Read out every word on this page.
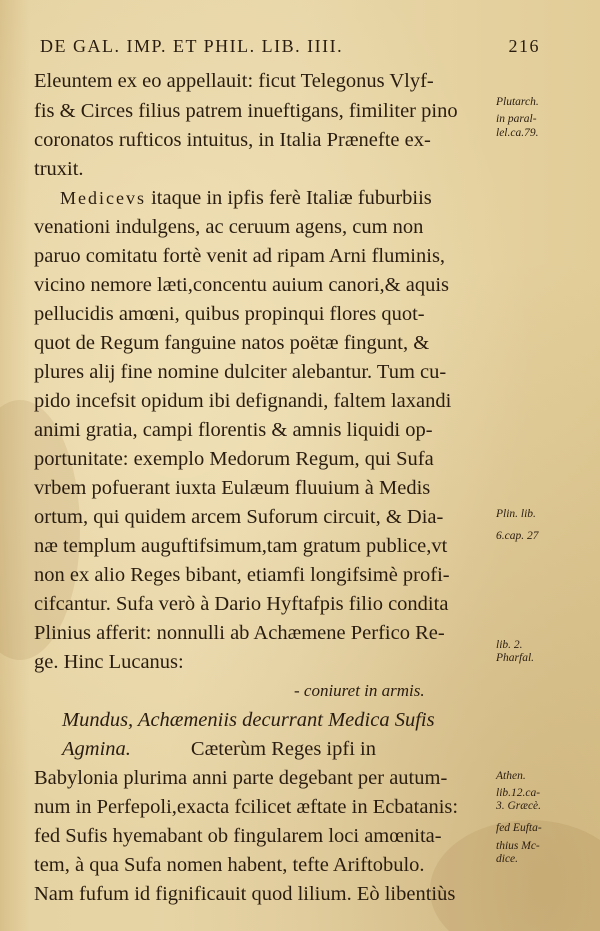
DE GAL. IMP. ET PHIL. LIB. IIII.	216
Eleuntem ex eo appellauit: ficut Telegonus Vlyf-
fis & Circes filius patrem inueftigans, fimiliter pino
coronatos rufticos intuitus, in Italia Prænefte ex-
truxit.
Medicevs itaque in ipfis ferè Italiæ fuburbiis
venationi indulgens, ac ceruum agens, cum non
paruo comitatu fortè venit ad ripam Arni fluminis,
vicino nemore læti,concentu auium canori,& aquis
pellucidis amœni, quibus propinqui flores quot-
quot de Regum fanguine natos poëtæ fingunt, &
plures alij fine nomine dulciter alebantur. Tum cu-
pido incefsit opidum ibi defignandi, faltem laxandi
animi gratia, campi florentis & amnis liquidi op-
portunitate: exemplo Medorum Regum, qui Sufa
vrbem pofuerant iuxta Eulæum fluuium à Medis
ortum, qui quidem arcem Suforum circuit, & Dia-
næ templum auguftifsimum,tam gratum publice,vt
non ex alio Reges bibant, etiamfi longifsimè profi-
cifcantur. Sufa verò à Dario Hyftafpis filio condita
Plinius afferit: nonnulli ab Achæmene Perfico Re-
ge. Hinc Lucanus:
- coniuret in armis.
Mundus, Achæmeniis decurrant Medica Sufis
Agmina.	Cæterùm Reges ipfi in
Babylonia plurima anni parte degebant per autum-
num in Perfepoli,exacta fcilicet æftate in Ecbatanis:
fed Sufis hyemabant ob fingularem loci amœnita-
tem, à qua Sufa nomen habent, tefte Ariftobulo.
Nam fufum id fignificauit quod lilium. Eò libentiùs
Plutarch.
in paral-
lel.ca.79.
Plin. lib.
6.cap. 27
lib. 2.
Pharfal.
Athen.
lib.12.ca-
3. Græcè.
fed Eufta-
thius Mc-
dice.
